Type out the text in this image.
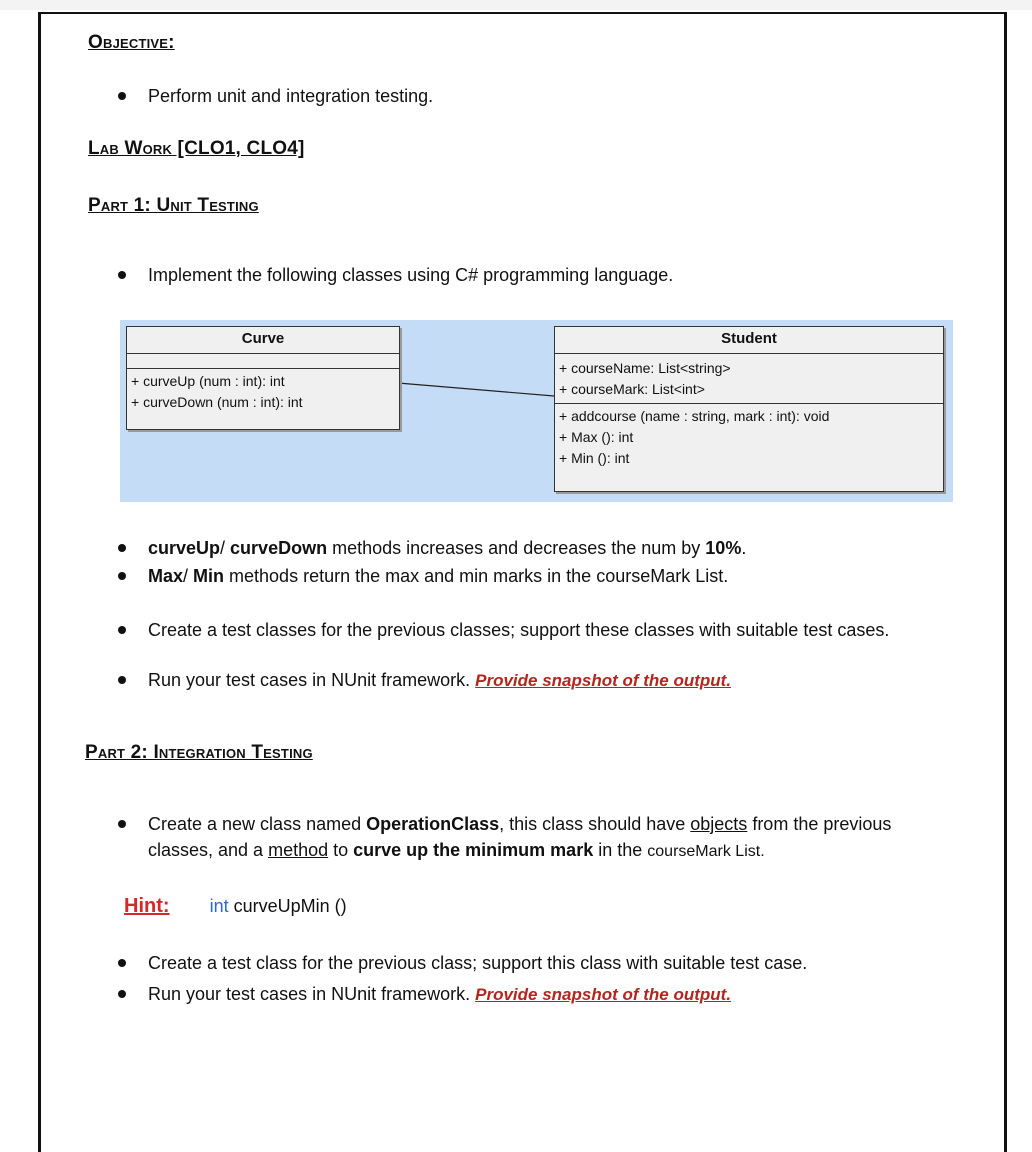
Objective:
Perform unit and integration testing.
Lab Work [CLO1, CLO4]
Part 1: Unit Testing
Implement the following classes using C# programming language.
Curve
+ curveUp (num : int): int
+ curveDown (num : int): int
Student
+ courseName: List<string>
+ courseMark: List<int>
+ addcourse (name : string, mark : int): void
+ Max (): int
+ Min (): int
curveUp/ curveDown methods increases and decreases the num by 10%.
Max/ Min methods return the max and min marks in the courseMark List.
Create a test classes for the previous classes; support these classes with suitable test cases.
Run your test cases in NUnit framework. Provide snapshot of the output.
Part 2: Integration Testing
Create a new class named OperationClass, this class should have objects from the previous
classes, and a method to curve up the minimum mark in the courseMark List.
Hint: int curveUpMin ()
Create a test class for the previous class; support this class with suitable test case.
Run your test cases in NUnit framework. Provide snapshot of the output.
